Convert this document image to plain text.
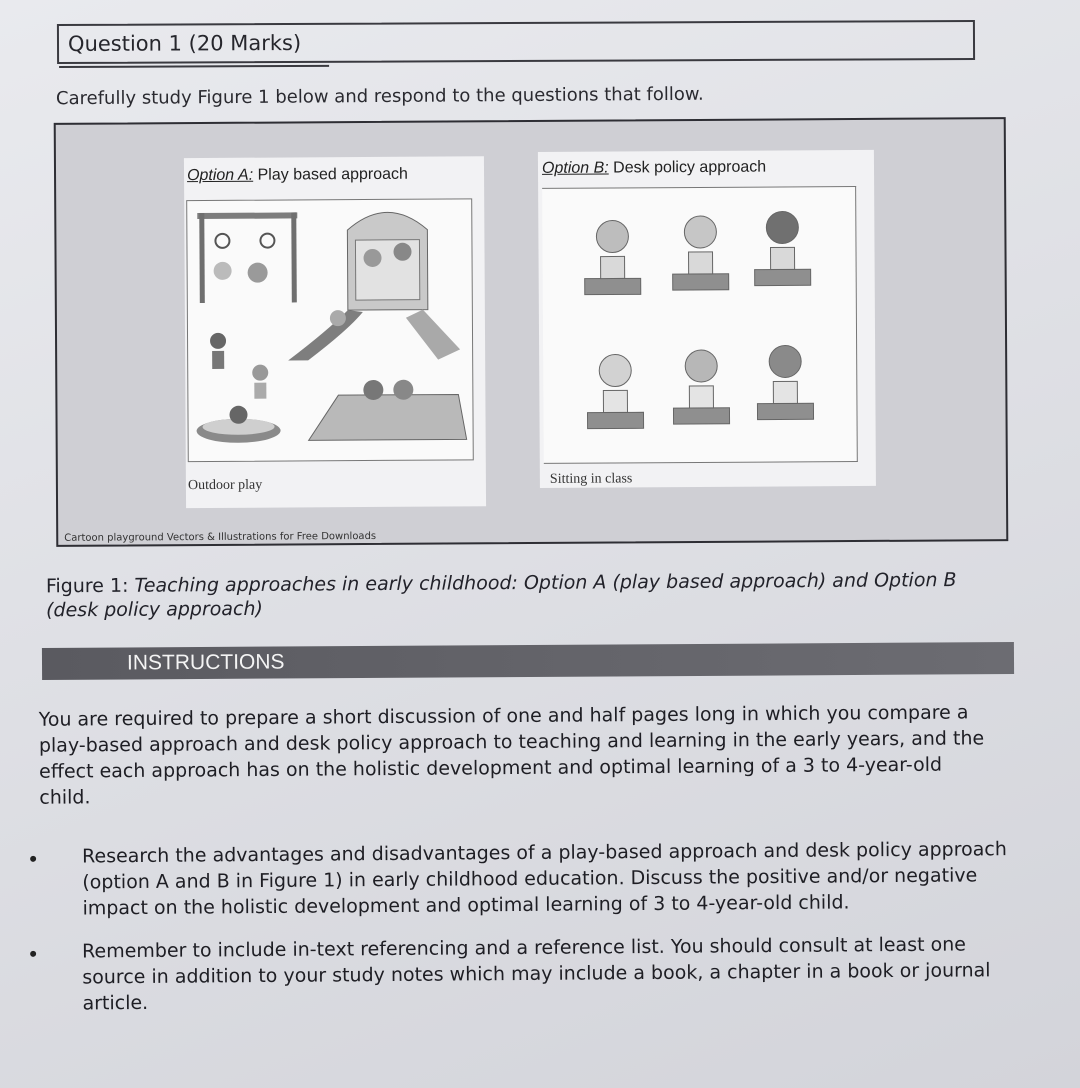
Question 1 (20 Marks)
Carefully study Figure 1 below and respond to the questions that follow.
Option A: Play based approach
Outdoor play
Option B: Desk policy approach
Sitting in class
Cartoon playground Vectors & Illustrations for Free Downloads
Figure 1: Teaching approaches in early childhood: Option A (play based approach) and Option B (desk policy approach)
INSTRUCTIONS
You are required to prepare a short discussion of one and half pages long in which you compare a play-based approach and desk policy approach to teaching and learning in the early years, and the effect each approach has on the holistic development and optimal learning of a 3 to 4-year-old child.
Research the advantages and disadvantages of a play-based approach and desk policy approach (option A and B in Figure 1) in early childhood education. Discuss the positive and/or negative impact on the holistic development and optimal learning of 3 to 4-year-old child.
Remember to include in-text referencing and a reference list. You should consult at least one source in addition to your study notes which may include a book, a chapter in a book or journal article.
